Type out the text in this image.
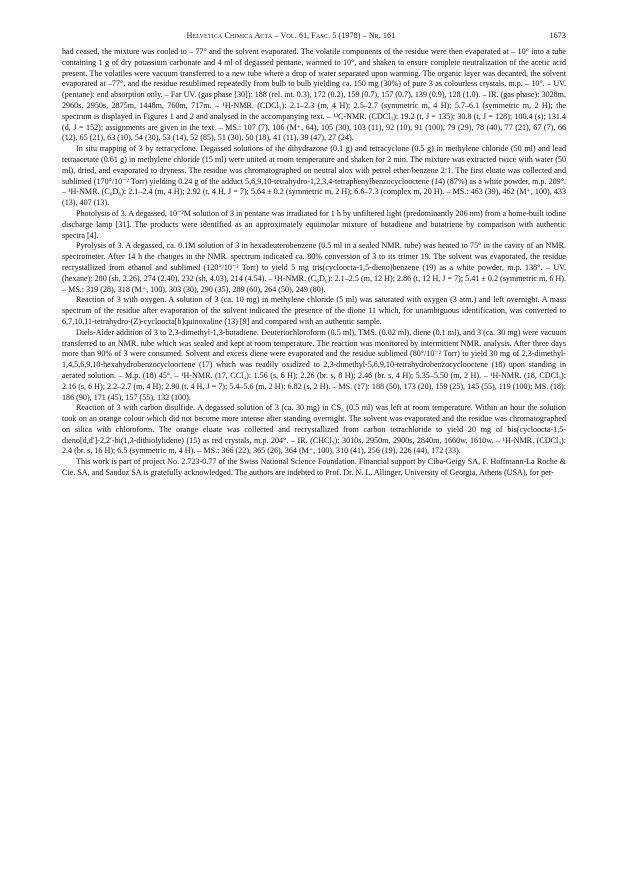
Helvetica Chimica Acta – Vol. 61, Fasc. 5 (1978) – Nr. 161	1673

had ceased, the mixture was cooled to – 77° and the solvent evaporated. The volatile components of the residue were then evaporated at – 10° into a tube containing 1 g of dry potassium carbonate and 4 ml of degassed pentane, warmed to 10°, and shaken to ensure complete neutralization of the acetic acid present. The volatiles were vacuum transferred to a new tube where a drop of water separated upon warming. The organic layer was decanted, the solvent evaporated at –77°, and the residue resublimed repeatedly from bulb to bulb yielding ca. 150 mg (30%) of pure 3 as colourless crystals, m.p. – 10°. – UV. (pentane): end absorption only. – Far UV. (gas phase [30]): 188 (rel. int. 0.3), 172 (0.2), 159 (0.7), 157 (0.7), 139 (0.9), 128 (1.0). – IR. (gas phase): 3028m, 2960s, 2950s, 2875m, 1448m, 760m, 717m. – ¹H-NMR. (CDCl₃): 2.1–2.3 (m, 4 H); 2.5–2.7 (symmetric m, 4 H); 5.7–6.1 (symmetric m, 2 H); the spectrum is displayed in Figures 1 and 2 and analysed in the accompanying text. – ¹³C-NMR. (CDCl₃): 19.2 (t, J = 135); 30.8 (t, J = 128); 100.4 (s); 131.4 (d, J = 152); assignments are given in the text. – MS.: 107 (7), 106 (M⁺, 64), 105 (30), 103 (11), 92 (10), 91 (100), 79 (29), 78 (40), 77 (21), 67 (7), 66 (12), 65 (21), 63 (10), 54 (30), 53 (14), 52 (85), 51 (30), 50 (18), 41 (11), 39 (47), 27 (24).

In situ trapping of 3 by tetracyclone. Degassed solutions of the dihydrazone (0.1 g) and tetracyclone (0.5 g) in methylene chloride (50 ml) and lead tetraacetate (0.61 g) in methylene chloride (15 ml) were united at room temperature and shaken for 2 min. The mixture was extracted twice with water (50 ml), dried, and evaporated to dryness. The residue was chromatographed on neutral alox with petrol ether/benzene 2:1. The first eluate was collected and sublimed (170°/10⁻² Torr) yielding 0.24 g of the adduct 5,6,9,10-tetrahydro-1,2,3,4-tetraphenylbenzocyclooctene (14) (87%) as a white powder, m.p. 209°. – ¹H-NMR. (C₆D₆): 2.1–2.4 (m, 4 H); 2.92 (t, 4 H, J = 7); 5.64 ± 0.2 (symmetric m, 2 H); 6.6–7.3 (complex m, 20 H). – MS.: 463 (39), 462 (M⁺, 100), 433 (13), 407 (13).

Photolysis of 3. A degassed, 10⁻²M solution of 3 in pentane was irradiated for 1 h by unfiltered light (predominantly 206 nm) from a home-built iodine discharge lamp [31]. The products were identified as an approximately equimolar mixture of butadiene and butatriene by comparison with authentic spectra [4].

Pyrolysis of 3. A degassed, ca. 0.1M solution of 3 in hexadeuterobenzene (0.5 ml in a sealed NMR. tube) was heated to 75° in the cavity of an NMR. spectrometer. After 14 h the changes in the NMR. spectrum indicated ca. 80% conversion of 3 to its trimer 19. The solvent was evaporated, the residue recrystallized from ethanol and sublimed (120°/10⁻² Torr) to yield 5 mg tris(cycloocta-1,5-dieno)benzene (19) as a white powder, m.p. 138°. – UV. (hexane): 280 (sh, 2.26), 274 (2.40), 232 (sh, 4.03), 214 (4.54). – ¹H-NMR. (C₆D₆): 2.1–2.5 (m, 12 H); 2.86 (t, 12 H, J = 7); 5.41 ± 0.2 (symmetric m, 6 H). – MS.: 319 (28), 318 (M⁺, 100), 303 (30), 290 (35), 289 (60), 264 (50), 249 (80).

Reaction of 3 with oxygen. A solution of 3 (ca. 10 mg) in methylene chloride (5 ml) was saturated with oxygen (3 atm.) and left overnight. A mass spectrum of the residue after evaporation of the solvent indicated the presence of the dione 11 which, for unambiguous identification, was converted to 6,7,10,11-tetrahydro-(Z)-cycloocta[b]quinoxaline (13) [9] and compared with an authentic sample.

Diels-Alder addition of 3 to 2,3-dimethyl-1,3-butadiene. Deuteriochloroform (0.5 ml), TMS. (0.02 ml), diene (0.1 ml), and 3 (ca. 30 mg) were vacuum transferred to an NMR. tube which was sealed and kept at room temperature. The reaction was monitored by intermittent NMR. analysis. After three days more than 90% of 3 were consumed. Solvent and excess diene were evaporated and the residue sublimed (80°/10⁻² Torr) to yield 30 mg of 2,3-dimethyl-1,4,5,6,9,10-hexahydrobenzocyclooctene (17) which was readily oxidized to 2,3-dimethyl-5,6,9,10-tetrahydrobenzocyclooctene (18) upon standing in aerated solution. – M.p. (18) 45°. – ¹H-NMR. (17, CCl₄): 1.56 (s, 6 H); 2.26 (br. s, 8 H); 2.46 (br. s, 4 H); 5.35–5.50 (m, 2 H). – ¹H-NMR. (18, CDCl₃): 2.16 (s, 6 H); 2.2–2.7 (m, 4 H); 2.90 (t, 4 H, J = 7); 5.4–5.6 (m, 2 H); 6.82 (s, 2 H). – MS. (17): 188 (50), 173 (20), 159 (25), 145 (55), 119 (100); MS. (18): 186 (90), 171 (45), 157 (55), 132 (100).

Reaction of 3 with carbon disulfide. A degassed solution of 3 (ca. 30 mg) in CS₂ (0.5 ml) was left at room temperature. Within an hour the solution took on an orange colour which did not become more intense after standing overnight. The solvent was evaporated and the residue was chromatographed on silica with chloroform. The orange eluate was collected and recrystallized from carbon tetrachloride to yield 20 mg of bis(cycloocta-1,5-dieno[d,d′]-2,2′-bi(1,3-dithiolylidene) (15) as red crystals, m.p. 204°. – IR. (CHCl₃): 3010s, 2950m, 2900s, 2840m, 1660w, 1610w. – ¹H-NMR. (CDCl₃): 2.4 (br. s, 16 H); 6.5 (symmetric m, 4 H). – MS.: 366 (22), 365 (26), 364 (M⁺, 100), 310 (41), 256 (19), 226 (44), 172 (33).

This work is part of project No. 2.723-0.77 of the Swiss National Science Foundation. Financial support by Ciba-Geigy SA, F. Hoffmann-La Roche & Cie. SA, and Sandoz SA is gratefully acknowledged. The authors are indebted to Prof. Dr. N. L. Allinger, University of Georgia, Athens (USA), for per-
